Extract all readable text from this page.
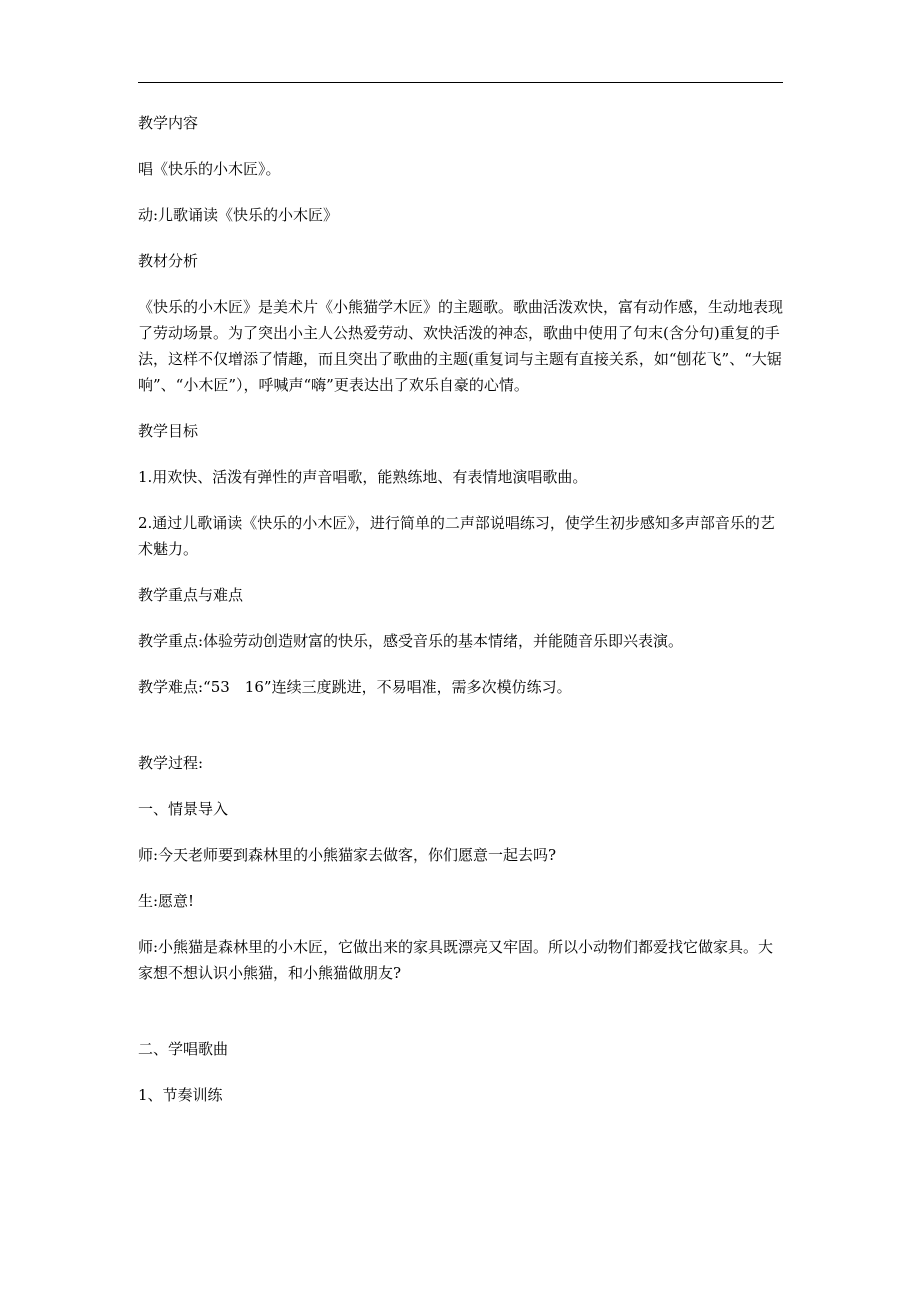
教学内容

唱《快乐的小木匠》。

动:儿歌诵读《快乐的小木匠》

教材分析

《快乐的小木匠》是美术片《小熊猫学木匠》的主题歌。歌曲活泼欢快，富有动作感，生动地表现了劳动场景。为了突出小主人公热爱劳动、欢快活泼的神态，歌曲中使用了句末(含分句)重复的手法，这样不仅增添了情趣，而且突出了歌曲的主题(重复词与主题有直接关系，如“刨花飞”、“大锯响”、“小木匠”），呼喊声“嗨”更表达出了欢乐自豪的心情。

教学目标

1.用欢快、活泼有弹性的声音唱歌，能熟练地、有表情地演唱歌曲。

2.通过儿歌诵读《快乐的小木匠》，进行简单的二声部说唱练习，使学生初步感知多声部音乐的艺术魅力。

教学重点与难点

教学重点:体验劳动创造财富的快乐，感受音乐的基本情绪，并能随音乐即兴表演。

教学难点:“53　16”连续三度跳进，不易唱准，需多次模仿练习。

教学过程:

一、情景导入

师:今天老师要到森林里的小熊猫家去做客，你们愿意一起去吗?

生:愿意!

师:小熊猫是森林里的小木匠，它做出来的家具既漂亮又牢固。所以小动物们都爱找它做家具。大家想不想认识小熊猫，和小熊猫做朋友?

二、学唱歌曲

1、节奏训练
